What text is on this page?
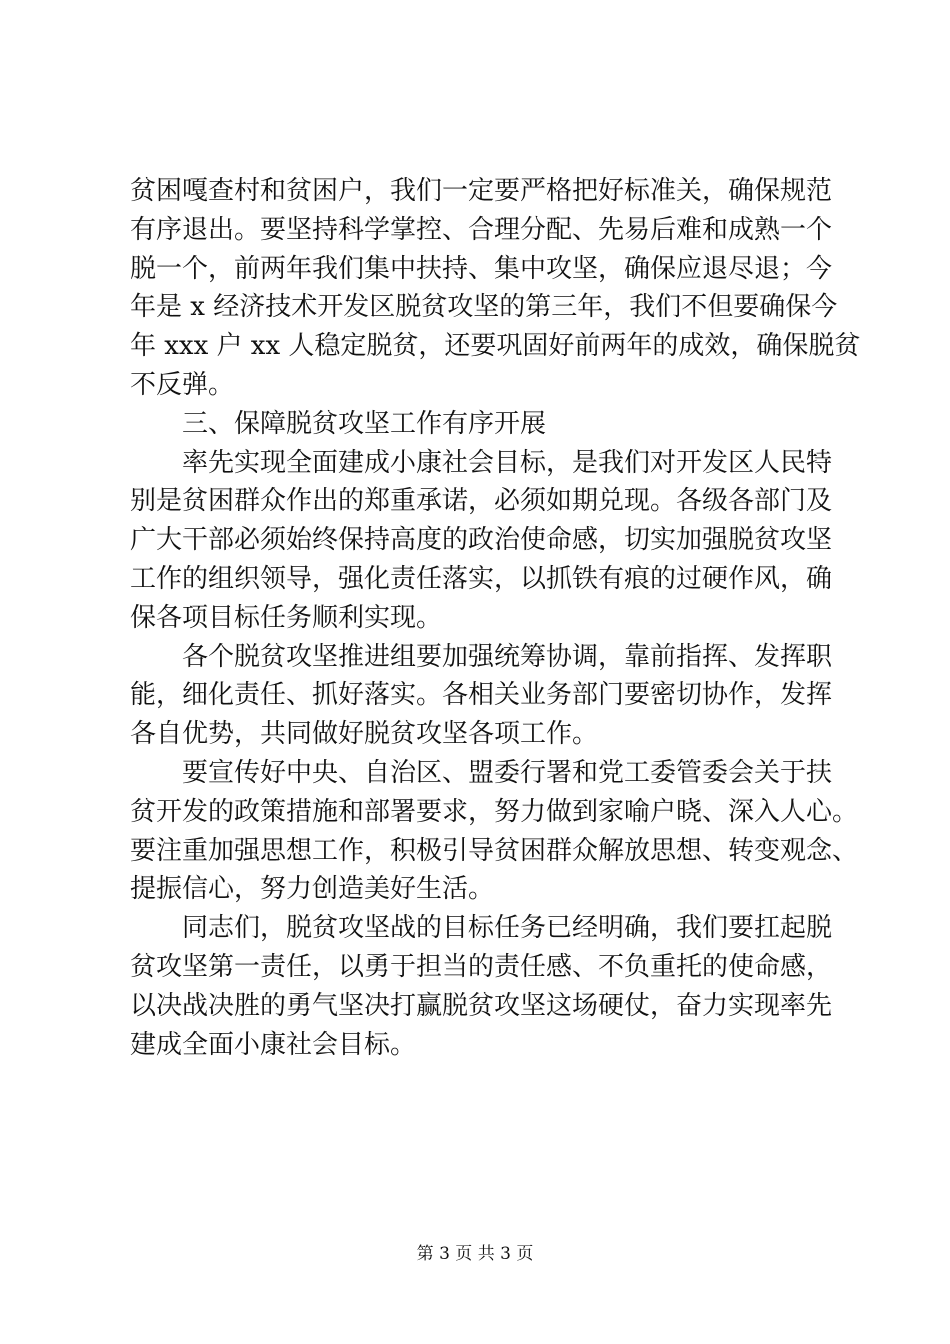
贫困嘎查村和贫困户，我们一定要严格把好标准关，确保规范
有序退出。要坚持科学掌控、合理分配、先易后难和成熟一个
脱一个，前两年我们集中扶持、集中攻坚，确保应退尽退；今
年是 x 经济技术开发区脱贫攻坚的第三年，我们不但要确保今
年 xxx 户 xx 人稳定脱贫，还要巩固好前两年的成效，确保脱贫
不反弹。
三、保障脱贫攻坚工作有序开展
率先实现全面建成小康社会目标，是我们对开发区人民特
别是贫困群众作出的郑重承诺，必须如期兑现。各级各部门及
广大干部必须始终保持高度的政治使命感，切实加强脱贫攻坚
工作的组织领导，强化责任落实，以抓铁有痕的过硬作风，确
保各项目标任务顺利实现。
各个脱贫攻坚推进组要加强统筹协调，靠前指挥、发挥职
能，细化责任、抓好落实。各相关业务部门要密切协作，发挥
各自优势，共同做好脱贫攻坚各项工作。
要宣传好中央、自治区、盟委行署和党工委管委会关于扶
贫开发的政策措施和部署要求，努力做到家喻户晓、深入人心。
要注重加强思想工作，积极引导贫困群众解放思想、转变观念、
提振信心，努力创造美好生活。
同志们，脱贫攻坚战的目标任务已经明确，我们要扛起脱
贫攻坚第一责任，以勇于担当的责任感、不负重托的使命感，
以决战决胜的勇气坚决打赢脱贫攻坚这场硬仗，奋力实现率先
建成全面小康社会目标。
第 3 页 共 3 页
